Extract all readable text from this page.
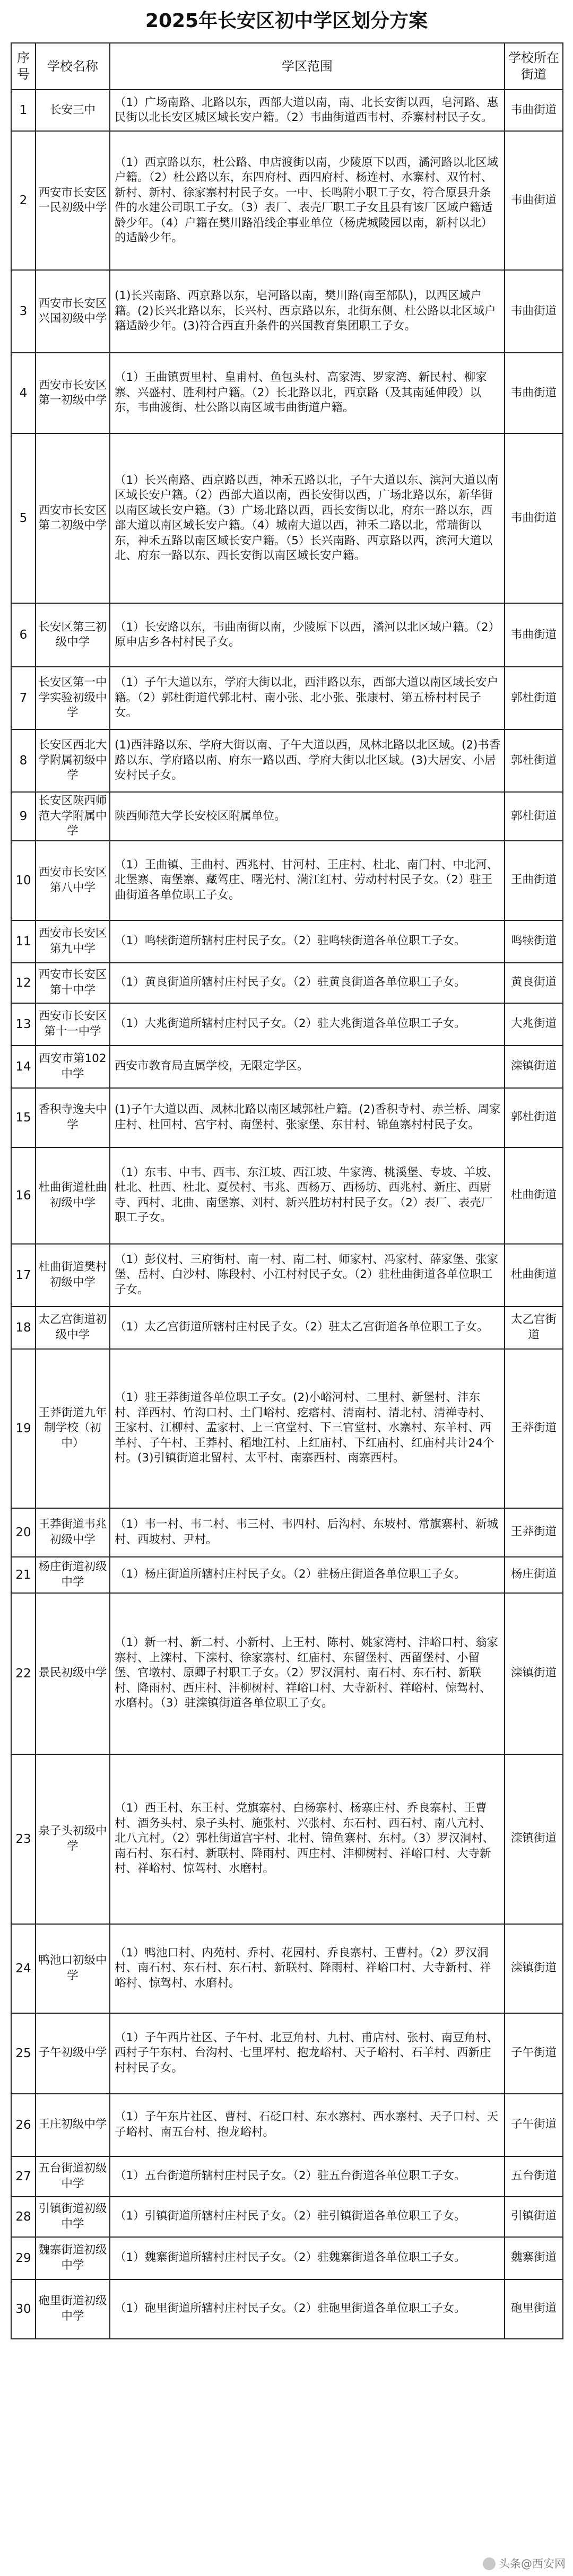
2025年长安区初中学区划分方案
序号	学校名称	学区范围	学校所在街道
1	长安三中	（1）广场南路、北路以东，西部大道以南，南、北长安街以西，皂河路、惠民街以北长安区城区域长安户籍。（2）韦曲街道西韦村、乔寨村村民子女。	韦曲街道
2	西安市长安区一民初级中学	（1）西京路以东，杜公路、申店渡街以南，少陵原下以西，潏河路以北区域户籍。（2）杜公路以东，东四府村、西四府村、杨连村、水寨村、双竹村、新村、新村、徐家寨村村民子女。一中、长鸣附小职工子女，符合原县升条件的水建公司职工子女。（3）表厂、表壳厂职工子女且县有该厂区域户籍适龄少年。（4）户籍在樊川路沿线企事业单位（杨虎城陵园以南，新村以北）的适龄少年。	韦曲街道
3	西安市长安区兴国初级中学	(1)长兴南路、西京路以东，皂河路以南，樊川路(南至部队)，以西区域户籍。(2)长兴北路以东，长兴村、西京路以东，北街东侧、杜公路以北区域户籍适龄少年。(3)符合西直升条件的兴国教育集团职工子女。	韦曲街道
4	西安市长安区第一初级中学	（1）王曲镇贾里村、皇甫村、鱼包头村、高家湾、罗家湾、新民村、柳家寨、兴盛村、胜利村户籍。（2）长北路以北，西京路（及其南延伸段）以东，韦曲渡街、杜公路以南区域韦曲街道户籍。	韦曲街道
5	西安市长安区第二初级中学	（1）长兴南路、西京路以西，神禾五路以北，子午大道以东、滨河大道以南区域长安户籍。（2）西部大道以南，西长安街以西，广场北路以东，新华街以南区域长安户籍。（3）广场北路以西，西长安街以北，府东一路以东，西部大道以南区域长安户籍。（4）城南大道以西，神禾二路以北，常瑞街以东，神禾五路以南区域长安户籍。（5）长兴南路、西京路以西，滨河大道以北、府东一路以东、西长安街以南区域长安户籍。	韦曲街道
6	长安区第三初级中学	（1）长安路以东，韦曲南街以南，少陵原下以西，潏河以北区域户籍。（2）原申店乡各村村民子女。	韦曲街道
7	长安区第一中学实验初级中学	（1）子午大道以东，学府大街以北，西沣路以东，西部大道以南区域长安户籍。（2）郭杜街道代郭北村、南小张、北小张、张康村、第五桥村村民子女。	郭杜街道
8	长安区西北大学附属初级中学	(1)西沣路以东、学府大街以南、子午大道以西，凤林北路以北区域。(2)书香路以东、学府路以南、府东一路以西、学府大街以北区域。(3)大居安、小居安村民子女。	郭杜街道
9	长安区陕西师范大学附属中学	陕西师范大学长安校区附属单位。	郭杜街道
10	西安市长安区第八中学	（1）王曲镇、王曲村、西兆村、甘河村、王庄村、杜北、南门村、中北河、北堡寨、南堡寨、藏驾庄、曙光村、满江红村、劳动村村民子女。（2）驻王曲街道各单位职工子女。	王曲街道
11	西安市长安区第九中学	（1）鸣犊街道所辖村庄村民子女。（2）驻鸣犊街道各单位职工子女。	鸣犊街道
12	西安市长安区第十中学	（1）黄良街道所辖村庄村民子女。（2）驻黄良街道各单位职工子女。	黄良街道
13	西安市长安区第十一中学	（1）大兆街道所辖村庄村民子女。（2）驻大兆街道各单位职工子女。	大兆街道
14	西安市第102中学	西安市教育局直属学校，无限定学区。	滦镇街道
15	香积寺逸夫中学	(1)子午大道以西、凤林北路以南区域郭杜户籍。(2)香积寺村、赤兰桥、周家庄村、杜回村、宫宇村、南堡村、张家堡、东甘村、锦鱼寨村村民子女。	郭杜街道
16	杜曲街道杜曲初级中学	（1）东韦、中韦、西韦、东江坡、西江坡、牛家湾、桃溪堡、专坡、羊坡、杜北、杜西、杜北、夏侯村、韦兆、西杨万、西杨坊、西兆村、新庄、西尉寺、西村、北曲、南堡寨、刘村、新兴胜坊村村民子女。（2）表厂、表壳厂职工子女。	杜曲街道
17	杜曲街道樊村初级中学	（1）彭仪村、三府街村、南一村、南二村、师家村、冯家村、薛家堡、张家堡、岳村、白沙村、陈段村、小江村村民子女。（2）驻杜曲街道各单位职工子女。	杜曲街道
18	太乙宫街道初级中学	（1）太乙宫街道所辖村庄村民子女。（2）驻太乙宫街道各单位职工子女。	太乙宫街道
19	王莽街道九年制学校（初中）	（1）驻王莽街道各单位职工子女。(2)小峪河村、二里村、新堡村、沣东村、洋西村、竹沟口村、土门峪村、疙瘩村、清南村、清北村、清禅寺村、王家村、江柳村、孟家村、上三官堂村、下三官堂村、水寨村、东羊村、西羊村、子午村、王莽村、稻地江村、上红庙村、下红庙村、红庙村共计24个村。(3)引镇街道北留村、太平村、南寨西村、南寨西村。	王莽街道
20	王莽街道韦兆初级中学	（1）韦一村、韦二村、韦三村、韦四村、后沟村、东坡村、常旗寨村、新城村、西坡村、尹村。	王莽街道
21	杨庄街道初级中学	（1）杨庄街道所辖村庄村民子女。（2）驻杨庄街道各单位职工子女。	杨庄街道
22	景民初级中学	（1）新一村、新二村、小新村、上王村、陈村、姚家湾村、沣峪口村、翁家寨村、上滦村、下滦村、徐家寨村、红庙村、东留堡村、西留堡村、小留堡、官墩村、原卿子村职工子女。（2）罗汉洞村、南石村、东石村、新联村、降雨村、西庄村、沣柳树村、祥峪口村、大寺新村、祥峪村、惊驾村、水磨村。（3）驻滦镇街道各单位职工子女。	滦镇街道
23	泉子头初级中学	（1）西王村、东王村、党旗寨村、白杨寨村、杨寨庄村、乔良寨村、王曹村、酒务头村、泉子头村、施张村、兴张村、东石村、西石村、南八亢村、北八亢村。（2）郭杜街道宫宇村、北村、锦鱼寨村、东村。（3）罗汉洞村、南石村、东石村、新联村、降雨村、西庄村、沣柳树村、祥峪口村、大寺新村、祥峪村、惊驾村、水磨村。	滦镇街道
24	鸭池口初级中学	（1）鸭池口村、内苑村、乔村、花园村、乔良寨村、王曹村。（2）罗汉洞村、南石村、东石村、东石村、新联村、降雨村、祥峪口村、大寺新村、祥峪村、惊驾村、水磨村。	滦镇街道
25	子午初级中学	（1）子午西片社区、子午村、北豆角村、九村、甫店村、张村、南豆角村、西村子午东村、台沟村、七里坪村、抱龙峪村、天子峪村、石羊村、西新庄村村民子女。	子午街道
26	王庄初级中学	（1）子午东片社区、曹村、石砭口村、东水寨村、西水寨村、天子口村、天子峪村、南五台村、抱龙峪村。	子午街道
27	五台街道初级中学	（1）五台街道所辖村庄村民子女。（2）驻五台街道各单位职工子女。	五台街道
28	引镇街道初级中学	（1）引镇街道所辖村庄村民子女。（2）驻引镇街道各单位职工子女。	引镇街道
29	魏寨街道初级中学	（1）魏寨街道所辖村庄村民子女。（2）驻魏寨街道各单位职工子女。	魏寨街道
30	砲里街道初级中学	（1）砲里街道所辖村庄村民子女。（2）驻砲里街道各单位职工子女。	砲里街道
头条@西安网
